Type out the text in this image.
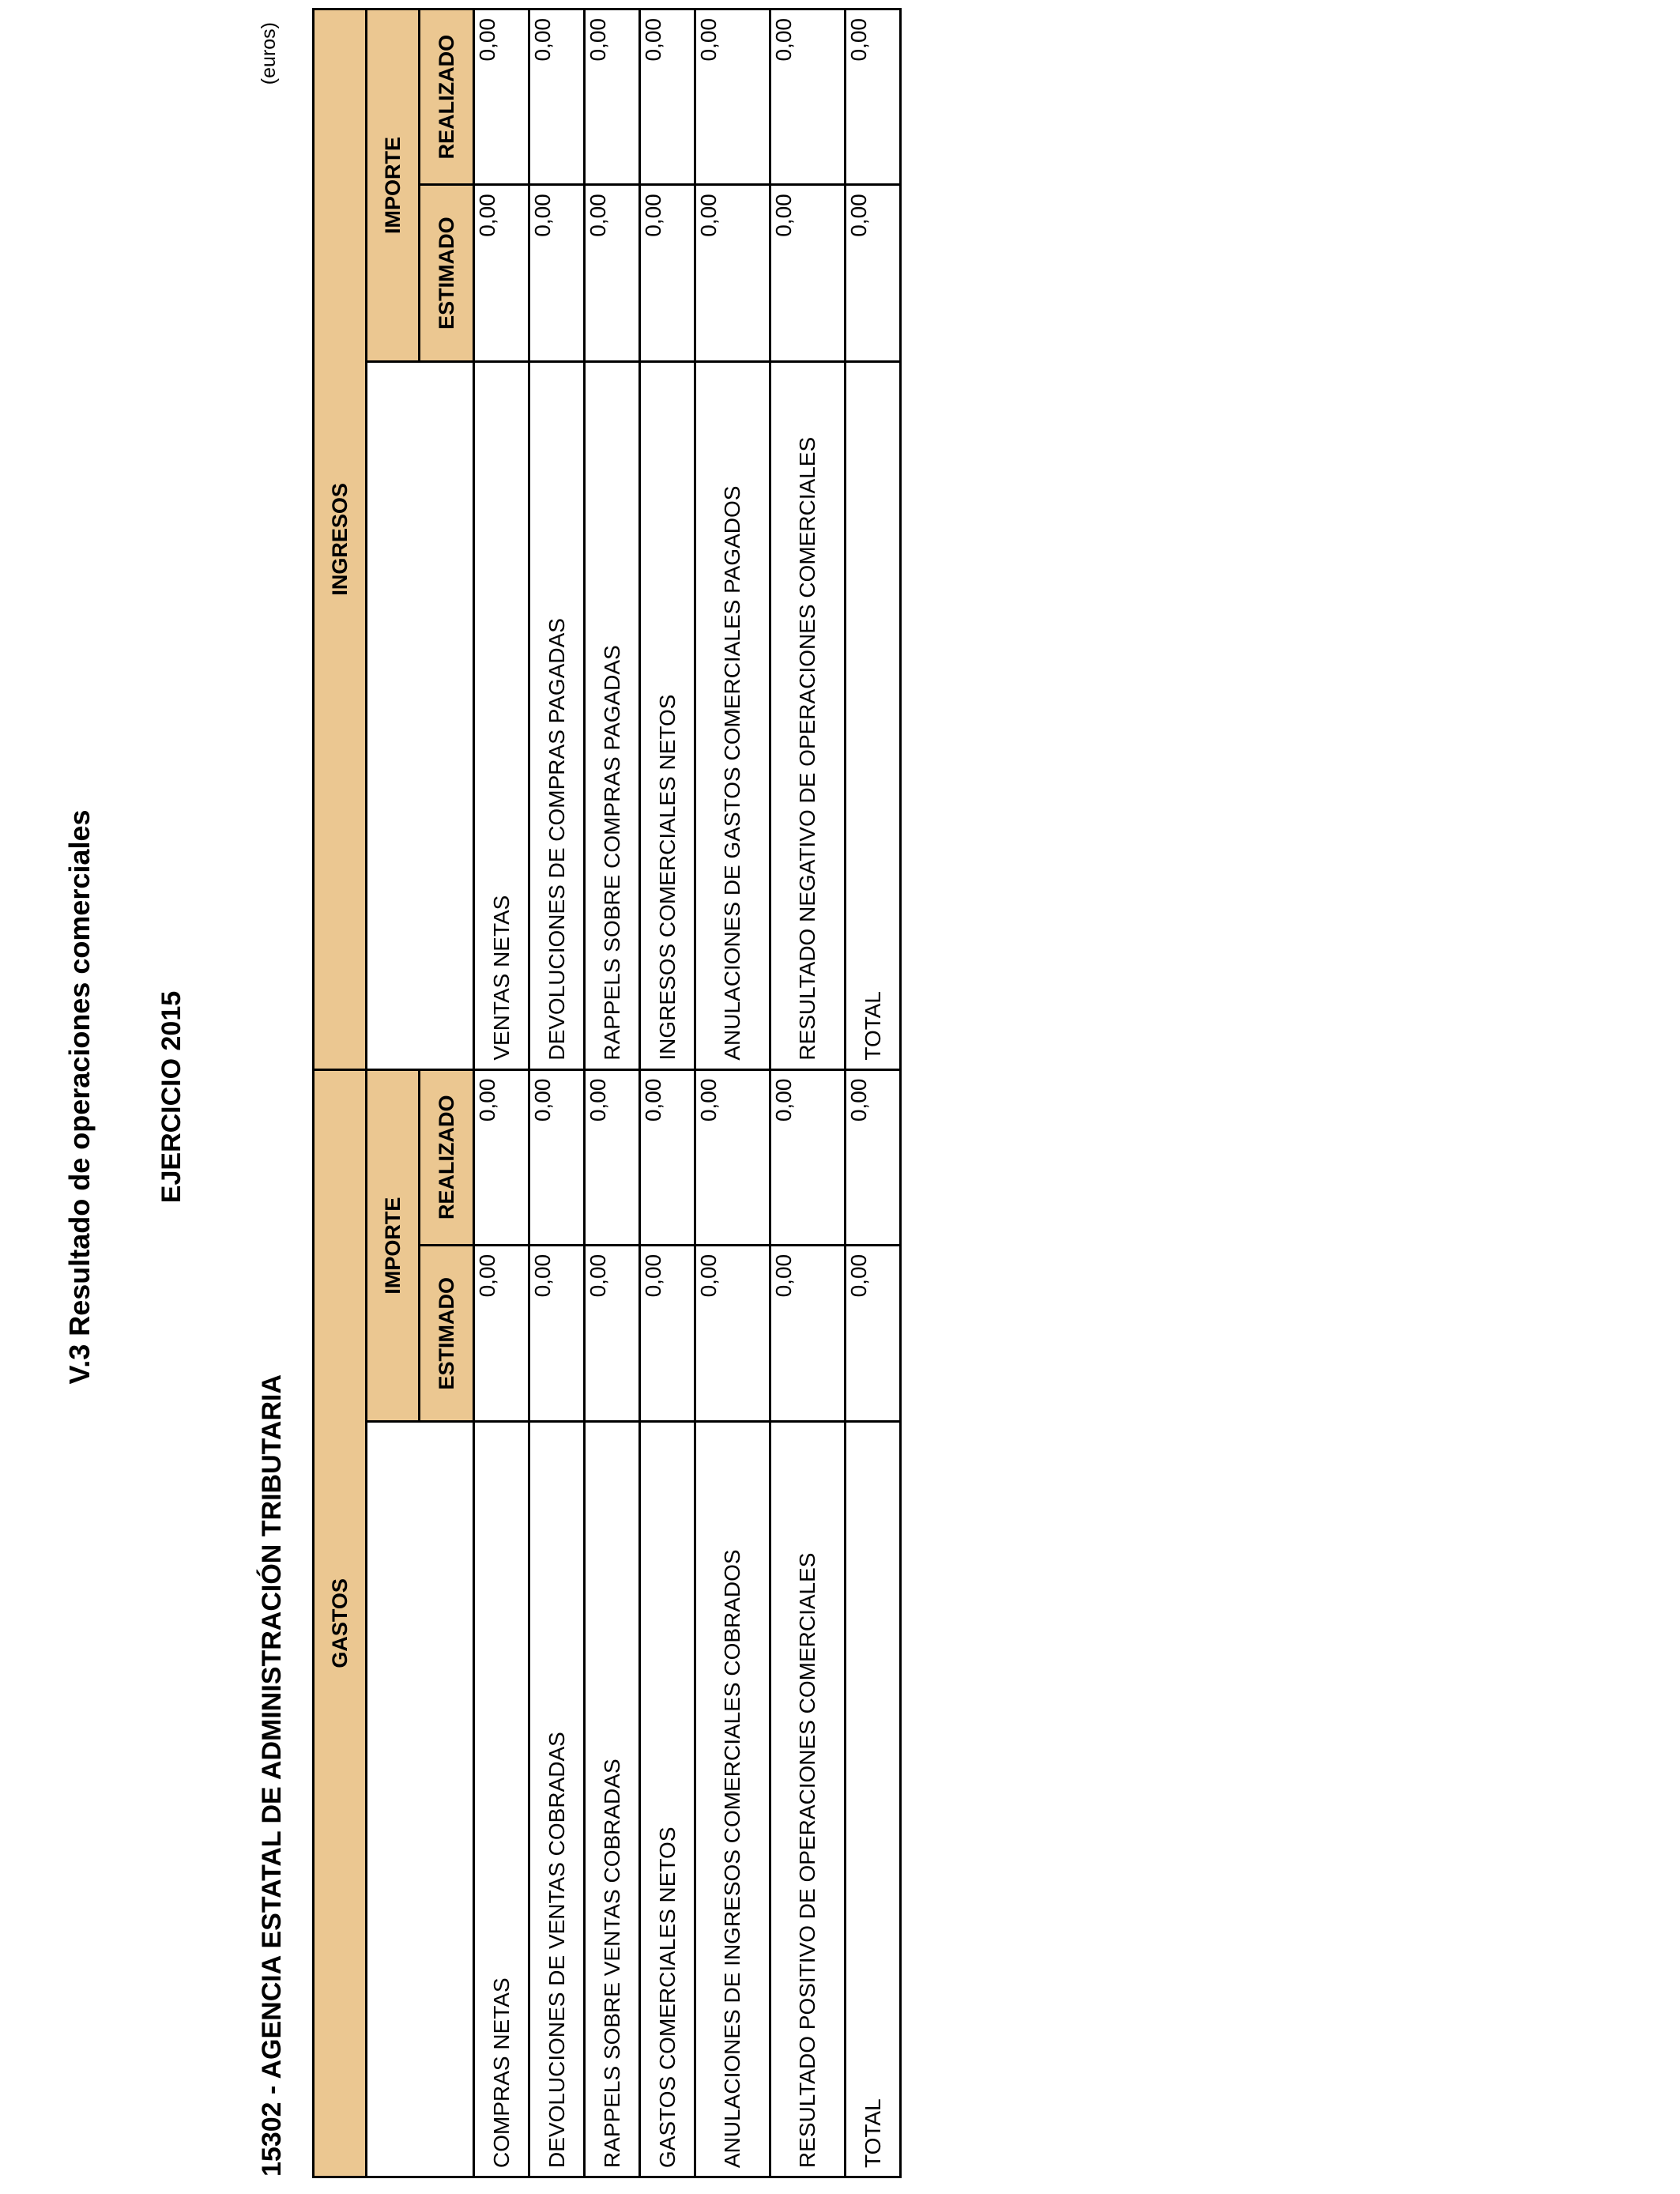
V.3 Resultado de operaciones comerciales EJERCICIO 2015
15302 - AGENCIA ESTATAL DE ADMINISTRACIÓN TRIBUTARIA
(euros)
GASTOS			INGRESOS		
	IMPORTE			IMPORTE	
	ESTIMADO	REALIZADO		ESTIMADO	REALIZADO
COMPRAS NETAS	0,00	0,00	VENTAS NETAS	0,00	0,00
DEVOLUCIONES DE VENTAS COBRADAS	0,00	0,00	DEVOLUCIONES DE COMPRAS PAGADAS	0,00	0,00
RAPPELS SOBRE VENTAS COBRADAS	0,00	0,00	RAPPELS SOBRE COMPRAS PAGADAS	0,00	0,00
GASTOS COMERCIALES NETOS	0,00	0,00	INGRESOS COMERCIALES NETOS	0,00	0,00
ANULACIONES DE INGRESOS COMERCIALES COBRADOS	0,00	0,00	ANULACIONES DE GASTOS COMERCIALES PAGADOS	0,00	0,00
RESULTADO POSITIVO DE OPERACIONES COMERCIALES	0,00	0,00	RESULTADO NEGATIVO DE OPERACIONES COMERCIALES	0,00	0,00
TOTAL	0,00	0,00	TOTAL	0,00	0,00
